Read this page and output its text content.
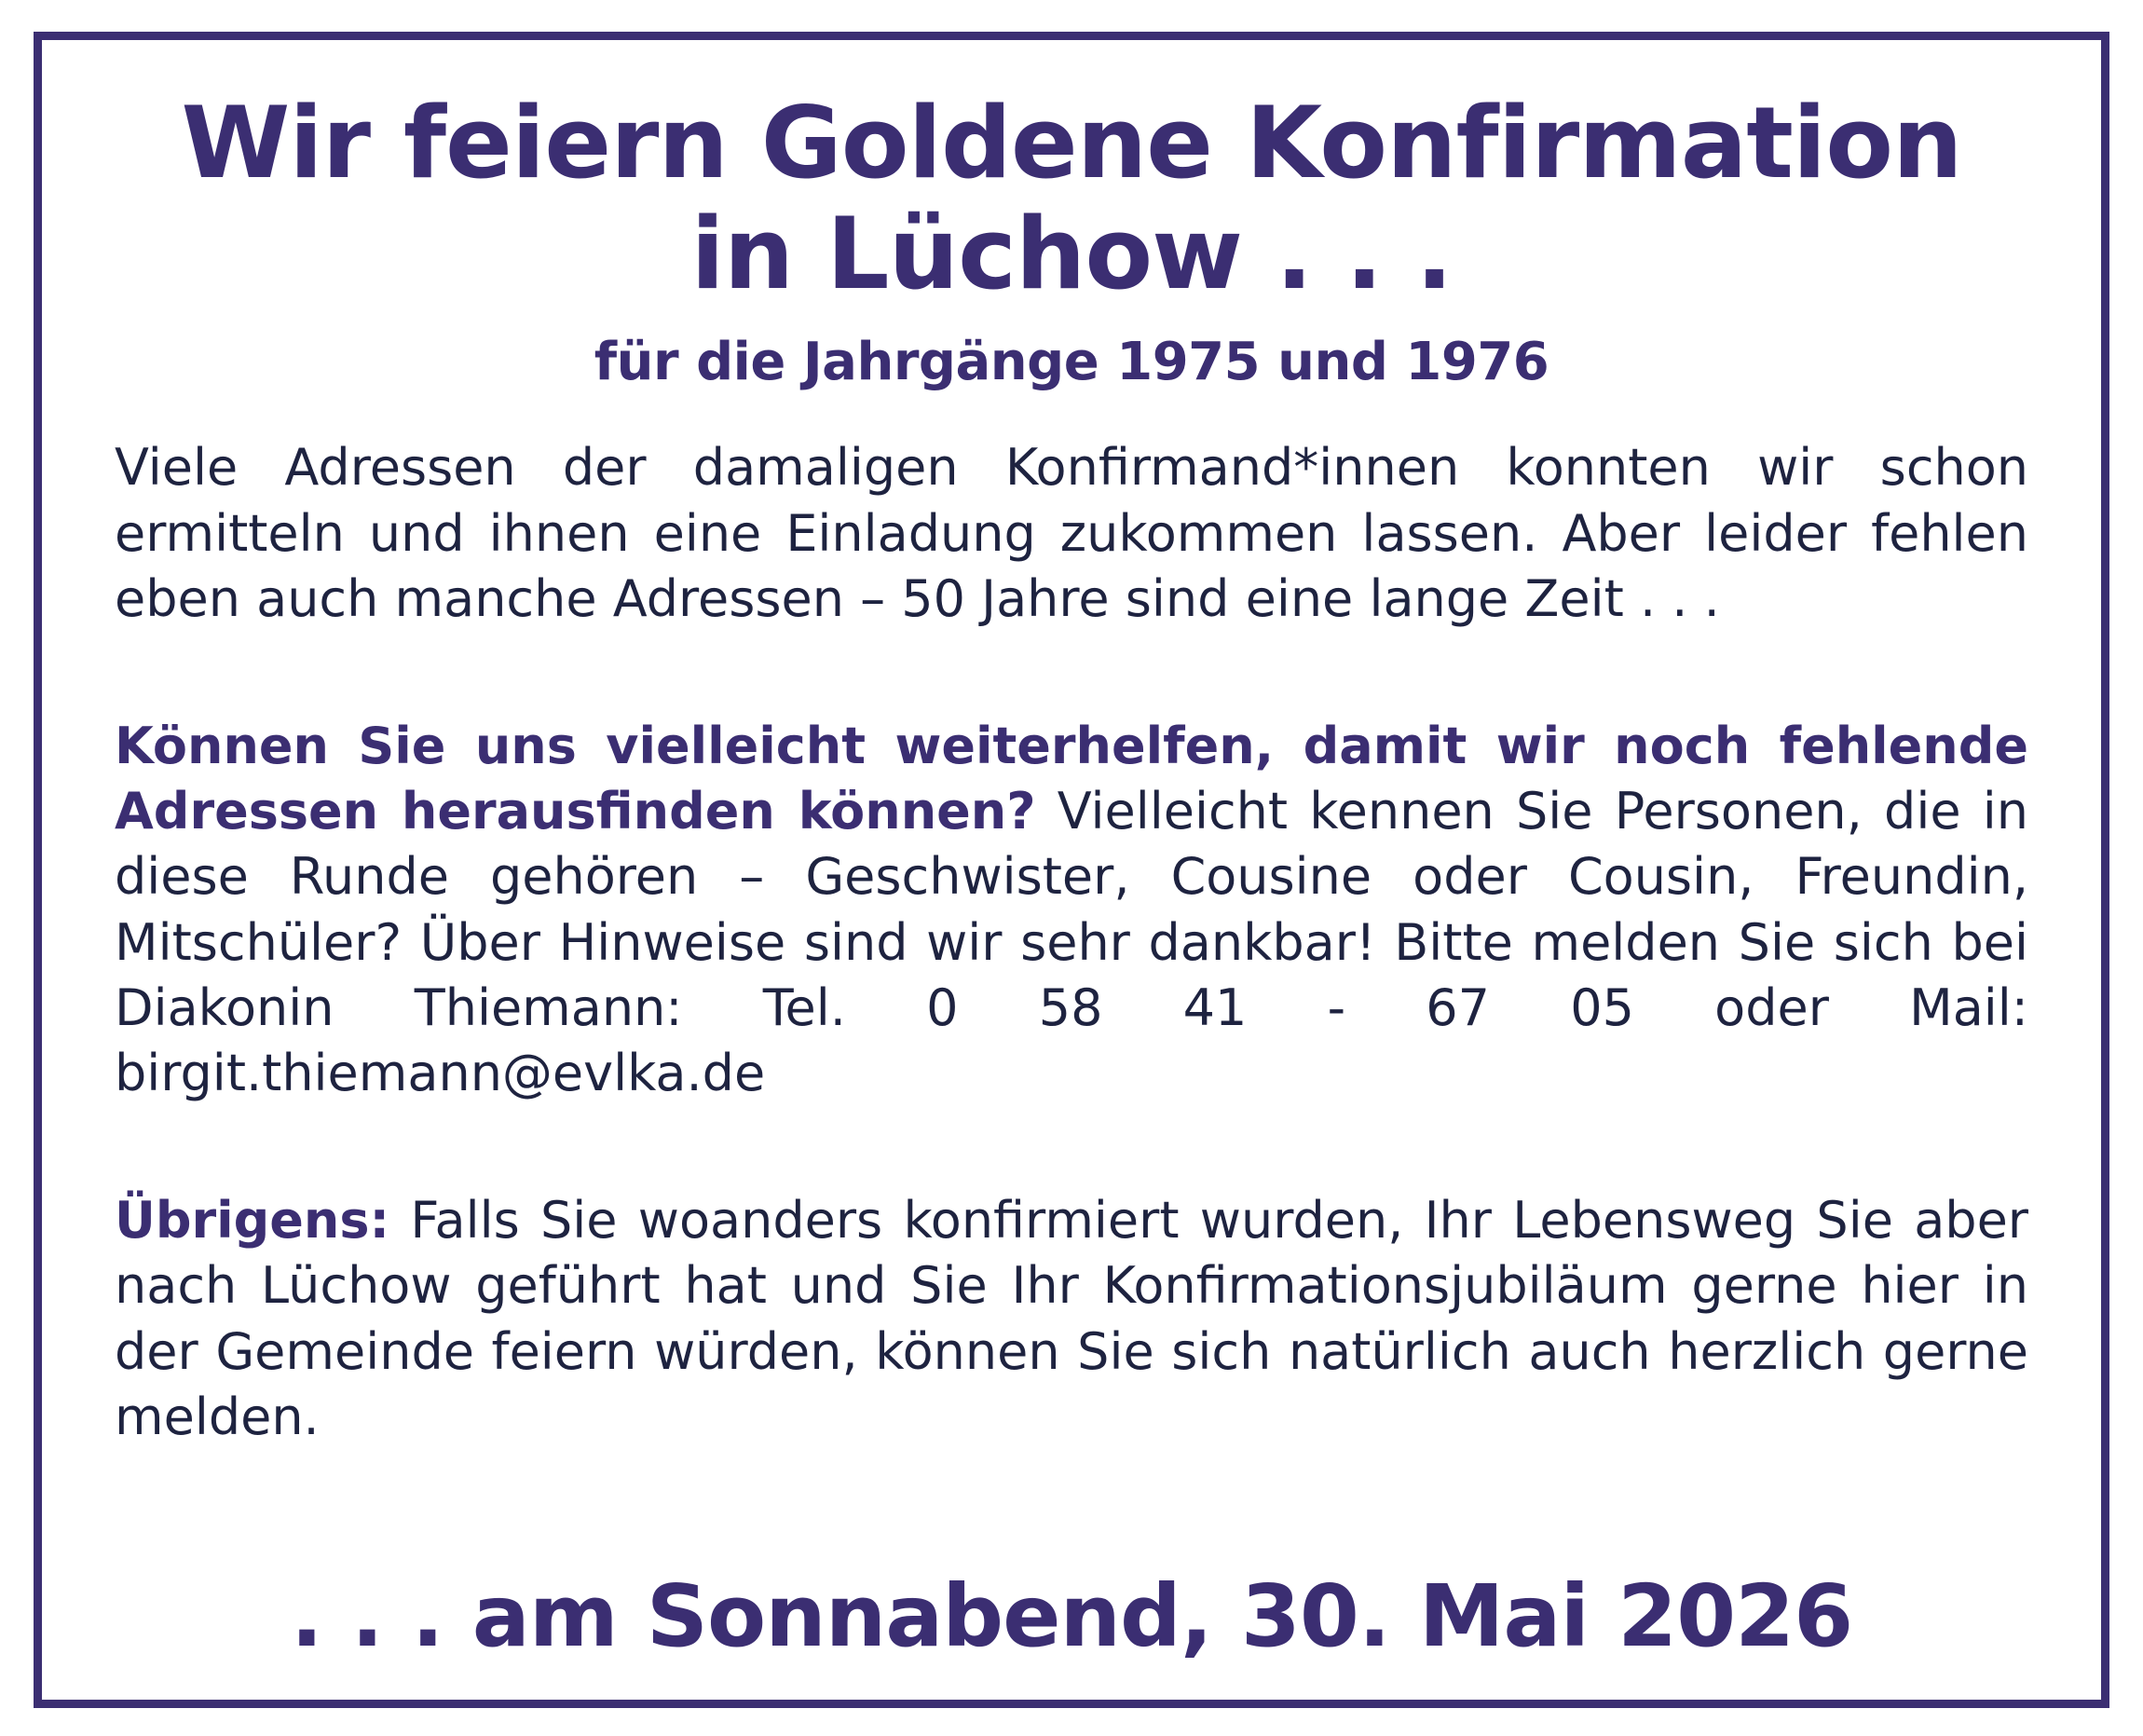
Wir feiern Goldene Konfirmation
in Lüchow . . .
für die Jahrgänge 1975 und 1976

Viele Adressen der damaligen Konfirmand*innen konnten wir schon ermitteln und ihnen eine Einladung zukommen lassen. Aber leider fehlen eben auch manche Adressen – 50 Jahre sind eine lange Zeit . . .

Können Sie uns vielleicht weiterhelfen, damit wir noch fehlende Adressen herausfinden können? Vielleicht kennen Sie Personen, die in diese Runde gehören – Geschwister, Cousine oder Cousin, Freundin, Mitschüler? Über Hinweise sind wir sehr dankbar! Bitte melden Sie sich bei Diakonin Thiemann: Tel. 0 58 41 - 67 05 oder Mail: birgit.thiemann@evlka.de

Übrigens: Falls Sie woanders konfirmiert wurden, Ihr Lebensweg Sie aber nach Lüchow geführt hat und Sie Ihr Konfirmationsjubiläum gerne hier in der Gemeinde feiern würden, können Sie sich natürlich auch herzlich gerne melden.

. . . am Sonnabend, 30. Mai 2026
